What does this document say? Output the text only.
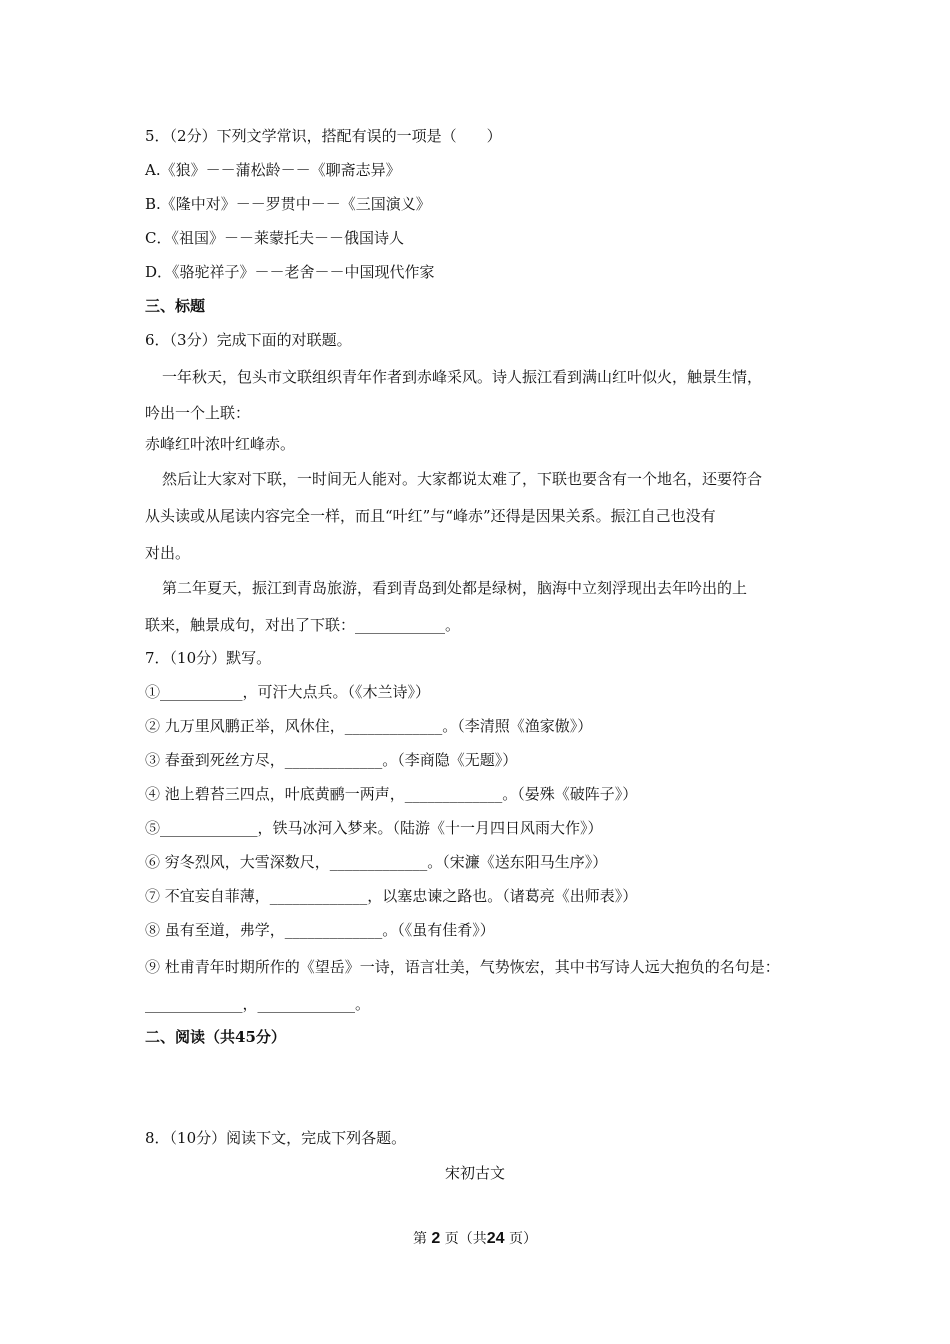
5．（2分）下列文学常识，搭配有误的一项是（　　）
A.《狼》－－蒲松龄－－《聊斋志异》
B.《隆中对》－－罗贯中－－《三国演义》
C．《祖国》－－莱蒙托夫－－俄国诗人
D．《骆驼祥子》－－老舍－－中国现代作家
三、标题
6．（3分）完成下面的对联题。
一年秋天，包头市文联组织青年作者到赤峰采风。诗人振江看到满山红叶似火，触景生情，
吟出一个上联：
赤峰红叶浓叶红峰赤。
然后让大家对下联，一时间无人能对。大家都说太难了，下联也要含有一个地名，还要符合
从头读或从尾读内容完全一样，而且“叶红”与“峰赤”还得是因果关系。振江自己也没有
对出。
第二年夏天，振江到青岛旅游，看到青岛到处都是绿树，脑海中立刻浮现出去年吟出的上
联来，触景成句，对出了下联：____________。
7．（10分）默写。
①___________，可汗大点兵。（《木兰诗》）
② 九万里风鹏正举，风休住，_____________。（李清照《渔家傲》）
③ 春蚕到死丝方尽，_____________。（李商隐《无题》）
④ 池上碧苔三四点，叶底黄鹂一两声，_____________。（晏殊《破阵子》）
⑤_____________，铁马冰河入梦来。（陆游《十一月四日风雨大作》）
⑥ 穷冬烈风，大雪深数尺，_____________。（宋濂《送东阳马生序》）
⑦ 不宜妄自菲薄，_____________，以塞忠谏之路也。（诸葛亮《出师表》）
⑧ 虽有至道，弗学，_____________。（《虽有佳肴》）
⑨ 杜甫青年时期所作的《望岳》一诗，语言壮美，气势恢宏，其中书写诗人远大抱负的名句是：
_____________，_____________。
二、阅读（共45分）
8．（10分）阅读下文，完成下列各题。
宋初古文
第 2 页（共24 页）
